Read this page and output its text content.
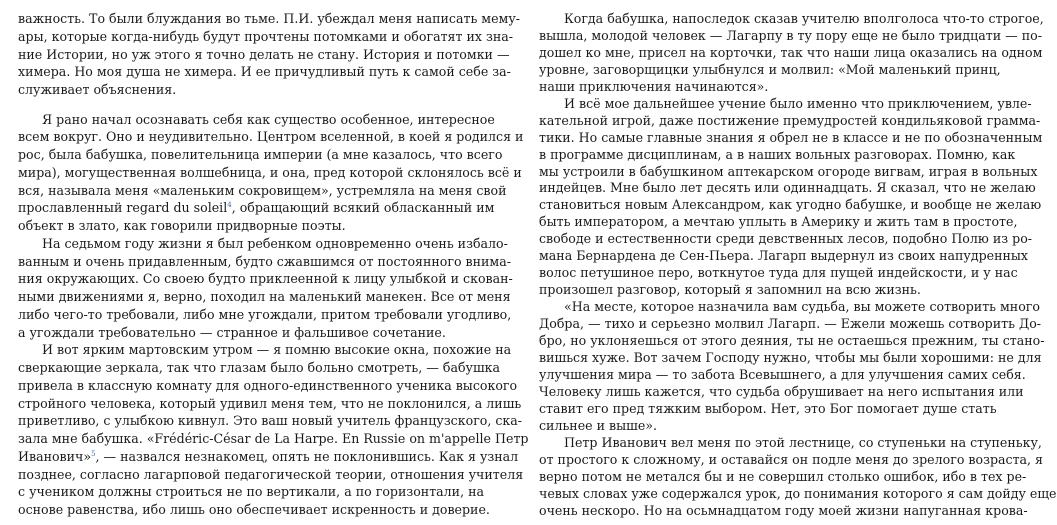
важность. То были блуждания во тьме. П.И. убеждал меня написать мему-
ары, которые когда-нибудь будут прочтены потомками и обогатят их зна-
ние Истории, но уж этого я точно делать не стану. История и потомки —
химера. Но моя душа не химера. И ее причудливый путь к самой себе за-
служивает объяснения.
Я рано начал осознавать себя как существо особенное, интересное
всем вокруг. Оно и неудивительно. Центром вселенной, в коей я родился и
рос, была бабушка, повелительница империи (а мне казалось, что всего
мира), могущественная волшебница, и она, пред которой склонялось всё и
вся, называла меня «маленьким сокровищем», устремляла на меня свой
прославленный regard du soleil$^4$, обращающий всякий обласканный им
объект в злато, как говорили придворные поэты.
На седьмом году жизни я был ребенком одновременно очень избало-
ванным и очень придавленным, будто сжавшимся от постоянного внима-
ния окружающих. Со своею будто приклеенной к лицу улыбкой и скован-
ными движениями я, верно, походил на маленький манекен. Все от меня
либо чего-то требовали, либо мне угождали, притом требовали угодливо,
а угождали требовательно — странное и фальшивое сочетание.
И вот ярким мартовским утром — я помню высокие окна, похожие на
сверкающие зеркала, так что глазам было больно смотреть, — бабушка
привела в классную комнату для одного-единственного ученика высокого
стройного человека, который удивил меня тем, что не поклонился, а лишь
приветливо, с улыбкою кивнул. Это ваш новый учитель французского, ска-
зала мне бабушка. «Frédéric-César de La Harpe. En Russie on m'appelle Петр
Иванович»$^5$, — назвался незнакомец, опять не поклонившись. Как я узнал
позднее, согласно лагарповой педагогической теории, отношения учителя
с учеником должны строиться не по вертикали, а по горизонтали, на
основе равенства, ибо лишь оно обеспечивает искренность и доверие.
Когда бабушка, напоследок сказав учителю вполголоса что-то строгое,
вышла, молодой человек — Лагарпу в ту пору еще не было тридцати — по-
дошел ко мне, присел на корточки, так что наши лица оказались на одном
уровне, заговорщицки улыбнулся и молвил: «Мой маленький принц,
наши приключения начинаются».
И всё мое дальнейшее учение было именно что приключением, увле-
кательной игрой, даже постижение премудростей кондильяковой грамма-
тики. Но самые главные знания я обрел не в классе и не по обозначенным
в программе дисциплинам, а в наших вольных разговорах. Помню, как
мы устроили в бабушкином аптекарском огороде вигвам, играя в вольных
индейцев. Мне было лет десять или одиннадцать. Я сказал, что не желаю
становиться новым Александром, как угодно бабушке, и вообще не желаю
быть императором, а мечтаю уплыть в Америку и жить там в простоте,
свободе и естественности среди девственных лесов, подобно Полю из ро-
мана Бернардена де Сен-Пьера. Лагарп выдернул из своих напудренных
волос петушиное перо, воткнутое туда для пущей индейскости, и у нас
произошел разговор, который я запомнил на всю жизнь.
«На месте, которое назначила вам судьба, вы можете сотворить много
Добра, — тихо и серьезно молвил Лагарп. — Ежели можешь сотворить До-
бро, но уклоняешься от этого деяния, ты не остаешься прежним, ты стано-
вишься хуже. Вот зачем Господу нужно, чтобы мы были хорошими: не для
улучшения мира — то забота Всевышнего, а для улучшения самих себя.
Человеку лишь кажется, что судьба обрушивает на него испытания или
ставит его пред тяжким выбором. Нет, это Бог помогает душе стать
сильнее и выше».
Петр Иванович вел меня по этой лестнице, со ступеньки на ступеньку,
от простого к сложному, и оставайся он подле меня до зрелого возраста, я
верно потом не метался бы и не совершил столько ошибок, ибо в тех ре-
чевых словах уже содержался урок, до понимания которого я сам дойду еще
очень нескоро. Но на осьмнадцатом году моей жизни напуганная крова-
